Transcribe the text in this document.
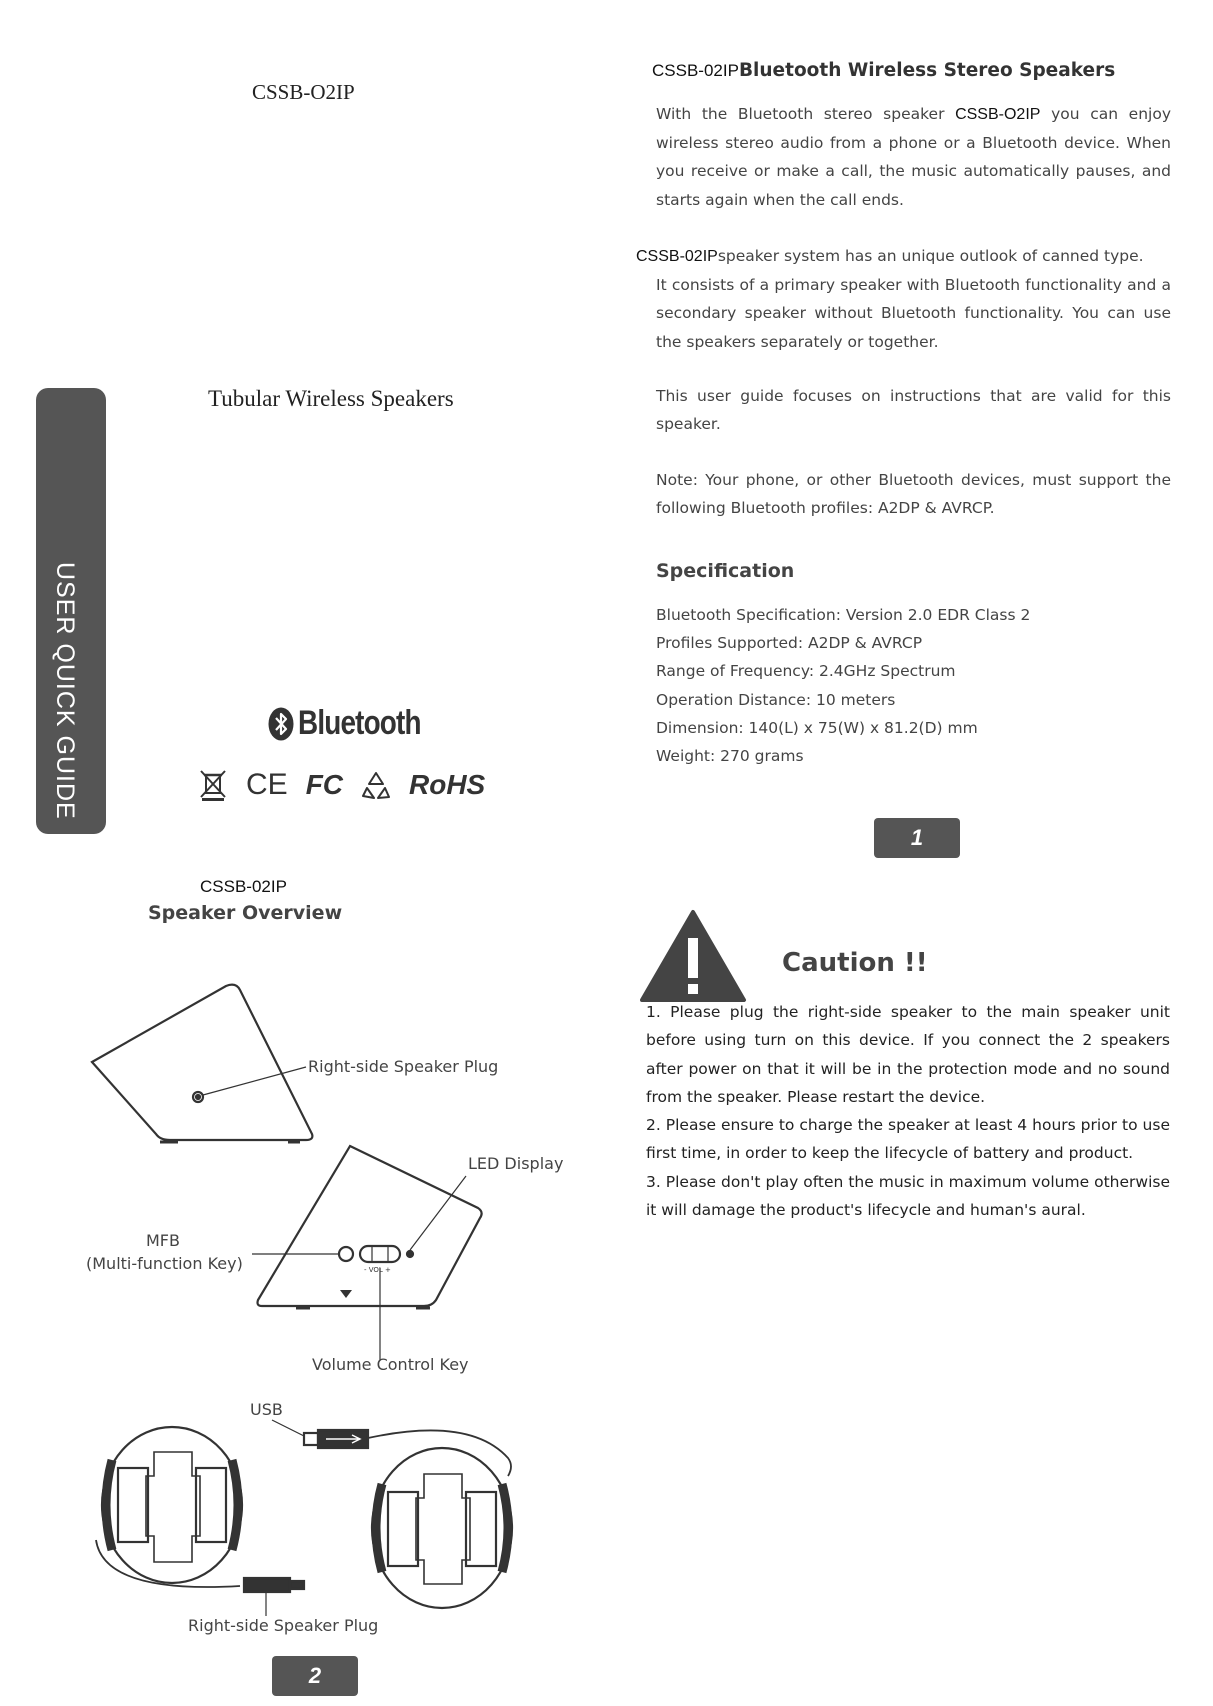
CSSB-O2IP
Tubular Wireless Speakers
USER QUICK GUIDE	Bluetooth
CE FC RoHS
CSSB-02IPBluetooth Wireless Stereo Speakers
With the Bluetooth stereo speaker CSSB-O2IP you can enjoy wireless stereo audio from a phone or a Bluetooth device. When you receive or make a call, the music automatically pauses, and starts again when the call ends.
CSSB-02IPspeaker system has an unique outlook of canned type.
It consists of a primary speaker with Bluetooth functionality and a secondary speaker without Bluetooth functionality. You can use the speakers separately or together.
This user guide focuses on instructions that are valid for this speaker.
Note: Your phone, or other Bluetooth devices, must support the following Bluetooth profiles: A2DP & AVRCP.
Specification
Bluetooth Specification: Version 2.0 EDR Class 2
Profiles Supported: A2DP & AVRCP
Range of Frequency: 2.4GHz Spectrum
Operation Distance: 10 meters
Dimension: 140(L) x 75(W) x 81.2(D) mm
Weight: 270 grams
1
CSSB-02IP
Speaker Overview
- VOL +
Right-side Speaker Plug
LED Display
MFB
(Multi-function Key)
Volume Control Key
USB
Right-side Speaker Plug
2
Caution !!
1. Please plug the right-side speaker to the main speaker unit before using turn on this device. If you connect the 2 speakers after power on that it will be in the protection mode and no sound from the speaker. Please restart the device.
2. Please ensure to charge the speaker at least 4 hours prior to use first time, in order to keep the lifecycle of battery and product.
3. Please don't play often the music in maximum volume otherwise it will damage the product's lifecycle and human's aural.
